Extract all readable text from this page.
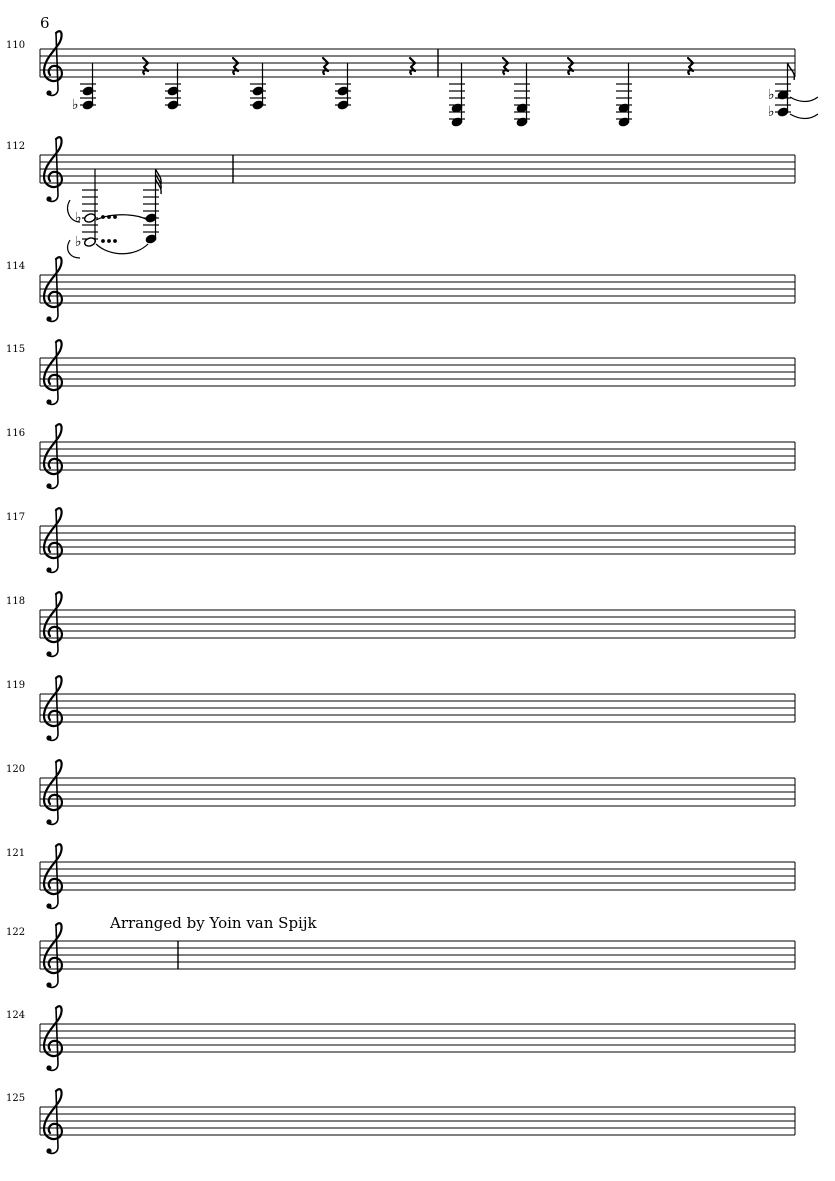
6
110
112
114
115
116
117
118
119
120
121
122
124
125
Arranged by Yoin van Spijk
♭
♭
♭
♭
♭
